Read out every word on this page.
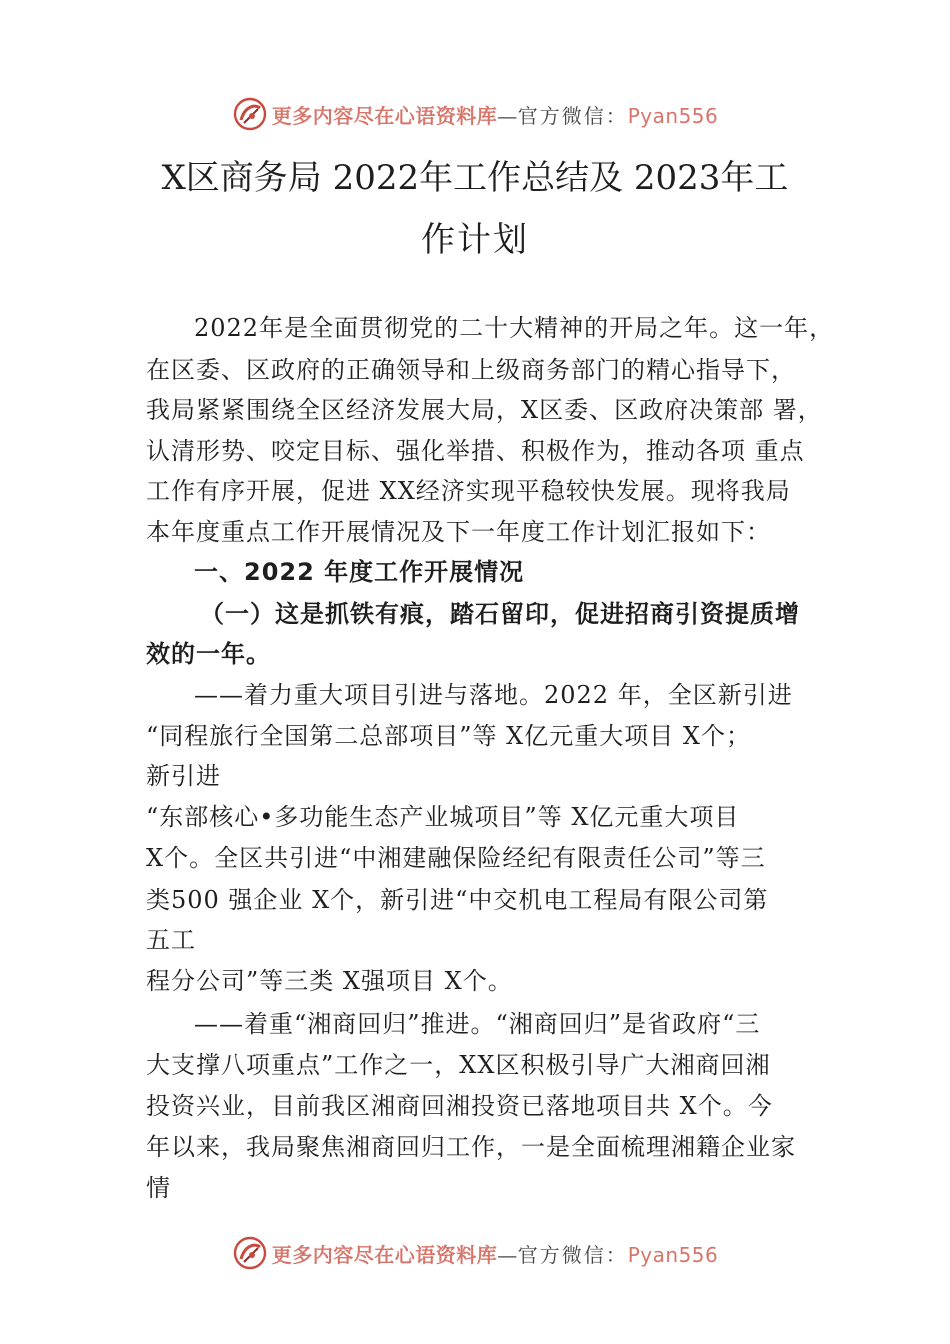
更多内容尽在心语资料库—官方微信：Pyan556
X区商务局 2022年工作总结及 2023年工
作计划
2022年是全面贯彻党的二十大精神的开局之年。这一年，
在区委、区政府的正确领导和上级商务部门的精心指导下，
我局紧紧围绕全区经济发展大局，X区委、区政府决策部 署，
认清形势、咬定目标、强化举措、积极作为，推动各项 重点
工作有序开展，促进 XX经济实现平稳较快发展。现将我局
本年度重点工作开展情况及下一年度工作计划汇报如下：
一、2022 年度工作开展情况
（一）这是抓铁有痕，踏石留印，促进招商引资提质增
效的一年。
——着力重大项目引进与落地。2022 年，全区新引进
“同程旅行全国第二总部项目”等 X亿元重大项目 X个；
新引进
“东部核心•多功能生态产业城项目”等 X亿元重大项目
X个。全区共引进“中湘建融保险经纪有限责任公司”等三
类500 强企业 X个，新引进“中交机电工程局有限公司第
五工
程分公司”等三类 X强项目 X个。
——着重“湘商回归”推进。“湘商回归”是省政府“三
大支撑八项重点”工作之一，XX区积极引导广大湘商回湘
投资兴业，目前我区湘商回湘投资已落地项目共 X个。今
年以来，我局聚焦湘商回归工作，一是全面梳理湘籍企业家
情
更多内容尽在心语资料库—官方微信：Pyan556
